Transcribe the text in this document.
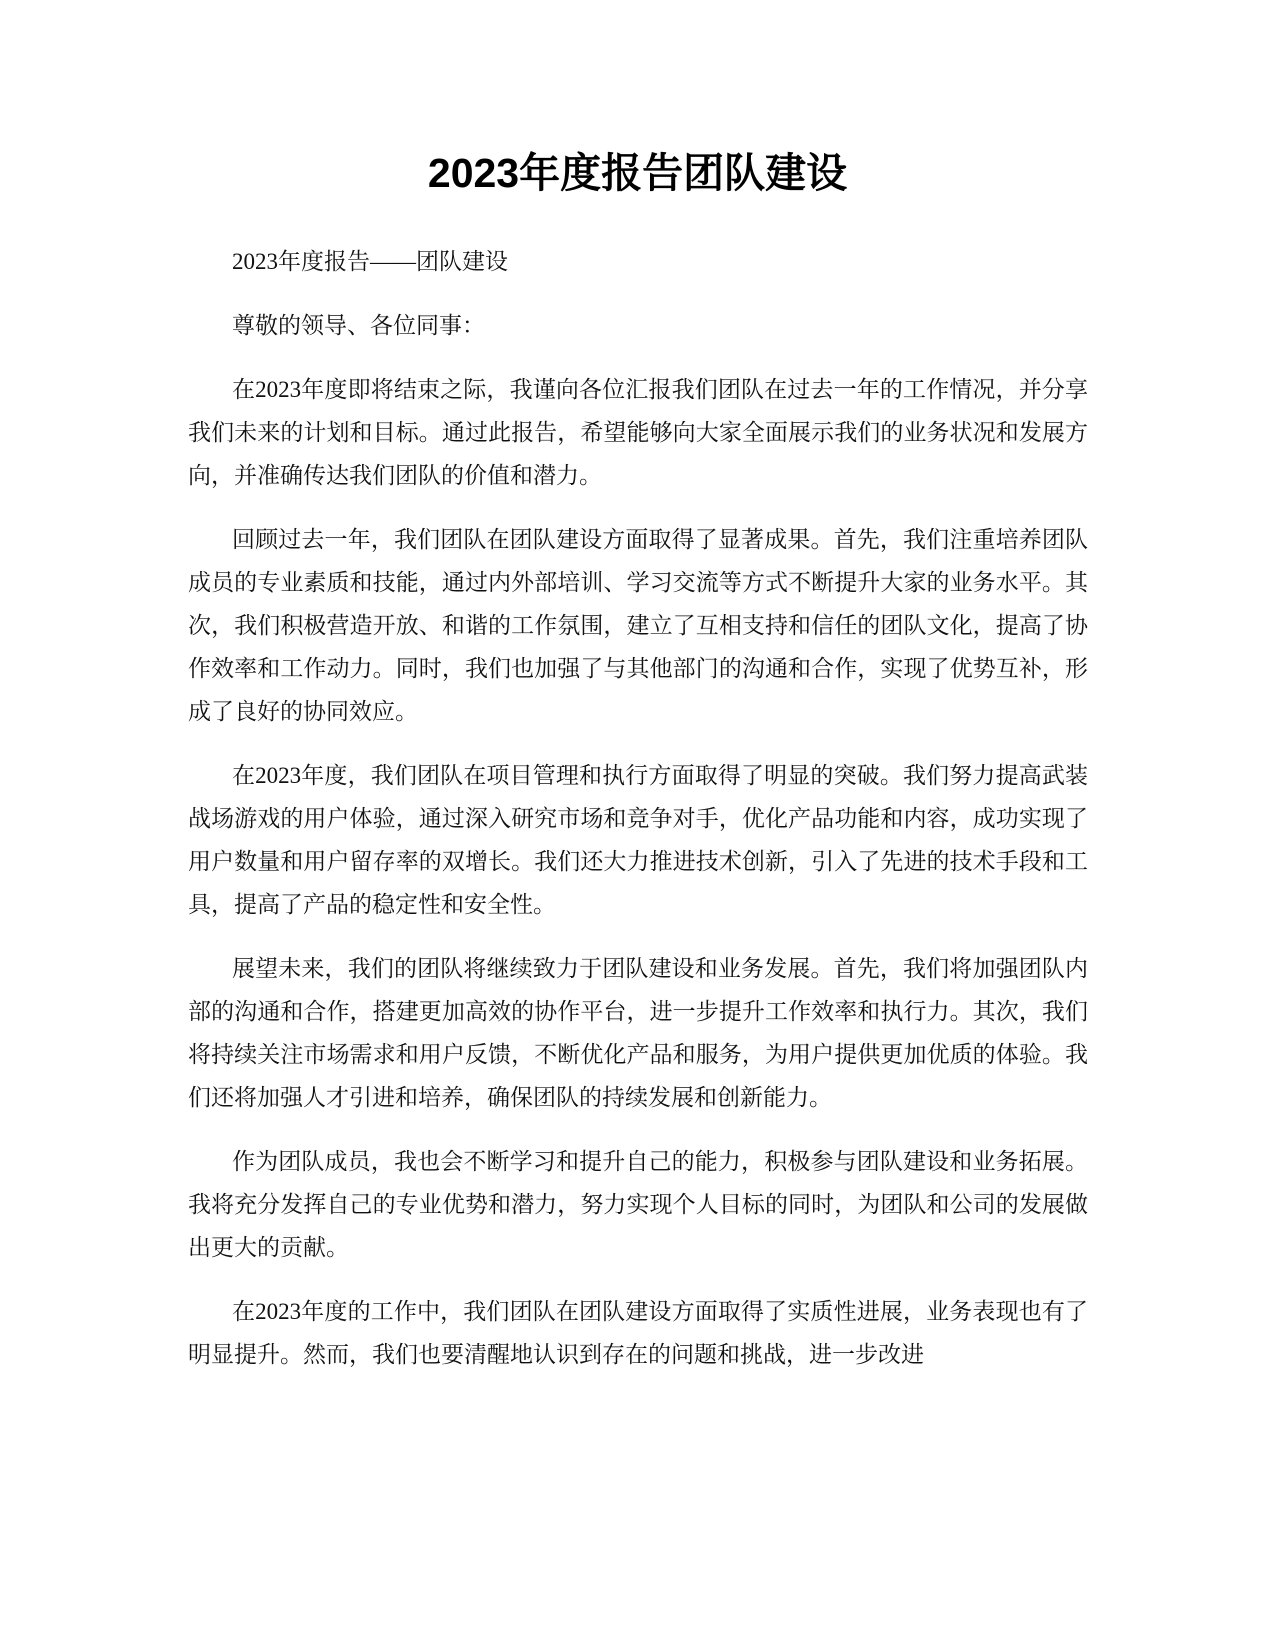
2023年度报告团队建设

2023年度报告——团队建设

尊敬的领导、各位同事：

在2023年度即将结束之际，我谨向各位汇报我们团队在过去一年的工作情况，并分享我们未来的计划和目标。通过此报告，希望能够向大家全面展示我们的业务状况和发展方向，并准确传达我们团队的价值和潜力。

回顾过去一年，我们团队在团队建设方面取得了显著成果。首先，我们注重培养团队成员的专业素质和技能，通过内外部培训、学习交流等方式不断提升大家的业务水平。其次，我们积极营造开放、和谐的工作氛围，建立了互相支持和信任的团队文化，提高了协作效率和工作动力。同时，我们也加强了与其他部门的沟通和合作，实现了优势互补，形成了良好的协同效应。

在2023年度，我们团队在项目管理和执行方面取得了明显的突破。我们努力提高武装战场游戏的用户体验，通过深入研究市场和竞争对手，优化产品功能和内容，成功实现了用户数量和用户留存率的双增长。我们还大力推进技术创新，引入了先进的技术手段和工具，提高了产品的稳定性和安全性。

展望未来，我们的团队将继续致力于团队建设和业务发展。首先，我们将加强团队内部的沟通和合作，搭建更加高效的协作平台，进一步提升工作效率和执行力。其次，我们将持续关注市场需求和用户反馈，不断优化产品和服务，为用户提供更加优质的体验。我们还将加强人才引进和培养，确保团队的持续发展和创新能力。

作为团队成员，我也会不断学习和提升自己的能力，积极参与团队建设和业务拓展。我将充分发挥自己的专业优势和潜力，努力实现个人目标的同时，为团队和公司的发展做出更大的贡献。

在2023年度的工作中，我们团队在团队建设方面取得了实质性进展，业务表现也有了明显提升。然而，我们也要清醒地认识到存在的问题和挑战，进一步改进
